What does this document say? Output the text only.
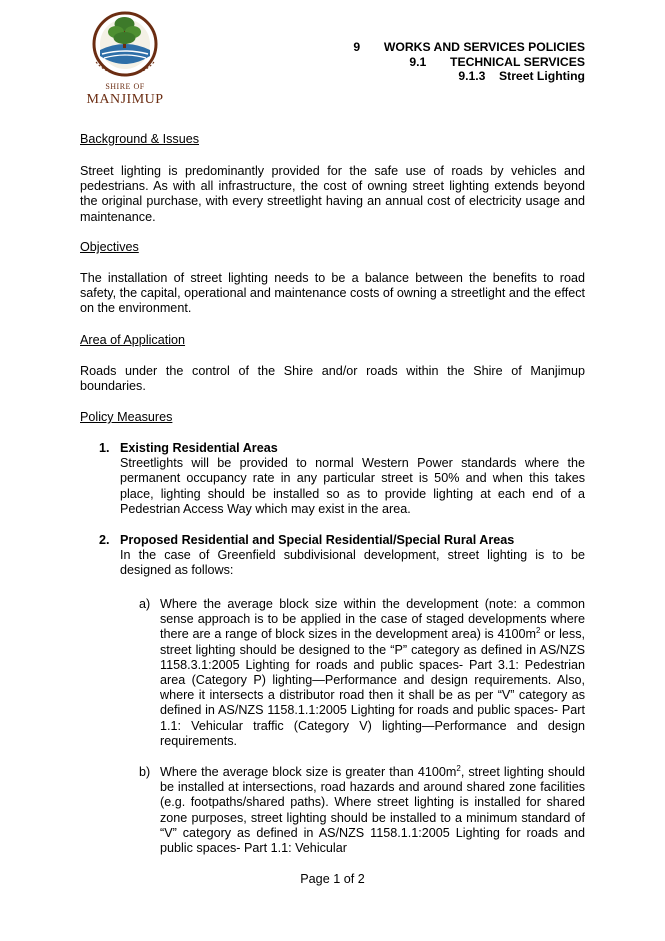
SHIRE OF
MANJIMUP
9 WORKS AND SERVICES POLICIES
9.1 TECHNICAL SERVICES
9.1.3 Street Lighting
Background & Issues
Street lighting is predominantly provided for the safe use of roads by vehicles and pedestrians. As with all infrastructure, the cost of owning street lighting extends beyond the original purchase, with every streetlight having an annual cost of electricity usage and maintenance.
Objectives
The installation of street lighting needs to be a balance between the benefits to road safety, the capital, operational and maintenance costs of owning a streetlight and the effect on the environment.
Area of Application
Roads under the control of the Shire and/or roads within the Shire of Manjimup boundaries.
Policy Measures
1. Existing Residential Areas
Streetlights will be provided to normal Western Power standards where the permanent occupancy rate in any particular street is 50% and when this takes place, lighting should be installed so as to provide lighting at each end of a Pedestrian Access Way which may exist in the area.
2. Proposed Residential and Special Residential/Special Rural Areas
In the case of Greenfield subdivisional development, street lighting is to be designed as follows:
a) Where the average block size within the development (note: a common sense approach is to be applied in the case of staged developments where there are a range of block sizes in the development area) is $4100m^2$ or less, street lighting should be designed to the “P” category as defined in AS/NZS 1158.3.1:2005 Lighting for roads and public spaces- Part 3.1: Pedestrian area (Category P) lighting—Performance and design requirements. Also, where it intersects a distributor road then it shall be as per “V” category as defined in AS/NZS 1158.1.1:2005 Lighting for roads and public spaces- Part 1.1: Vehicular traffic (Category V) lighting—Performance and design requirements.
b) Where the average block size is greater than $4100m^2$, street lighting should be installed at intersections, road hazards and around shared zone facilities (e.g. footpaths/shared paths). Where street lighting is installed for shared zone purposes, street lighting should be installed to a minimum standard of “V” category as defined in AS/NZS 1158.1.1:2005 Lighting for roads and public spaces- Part 1.1: Vehicular
Page 1 of 2
